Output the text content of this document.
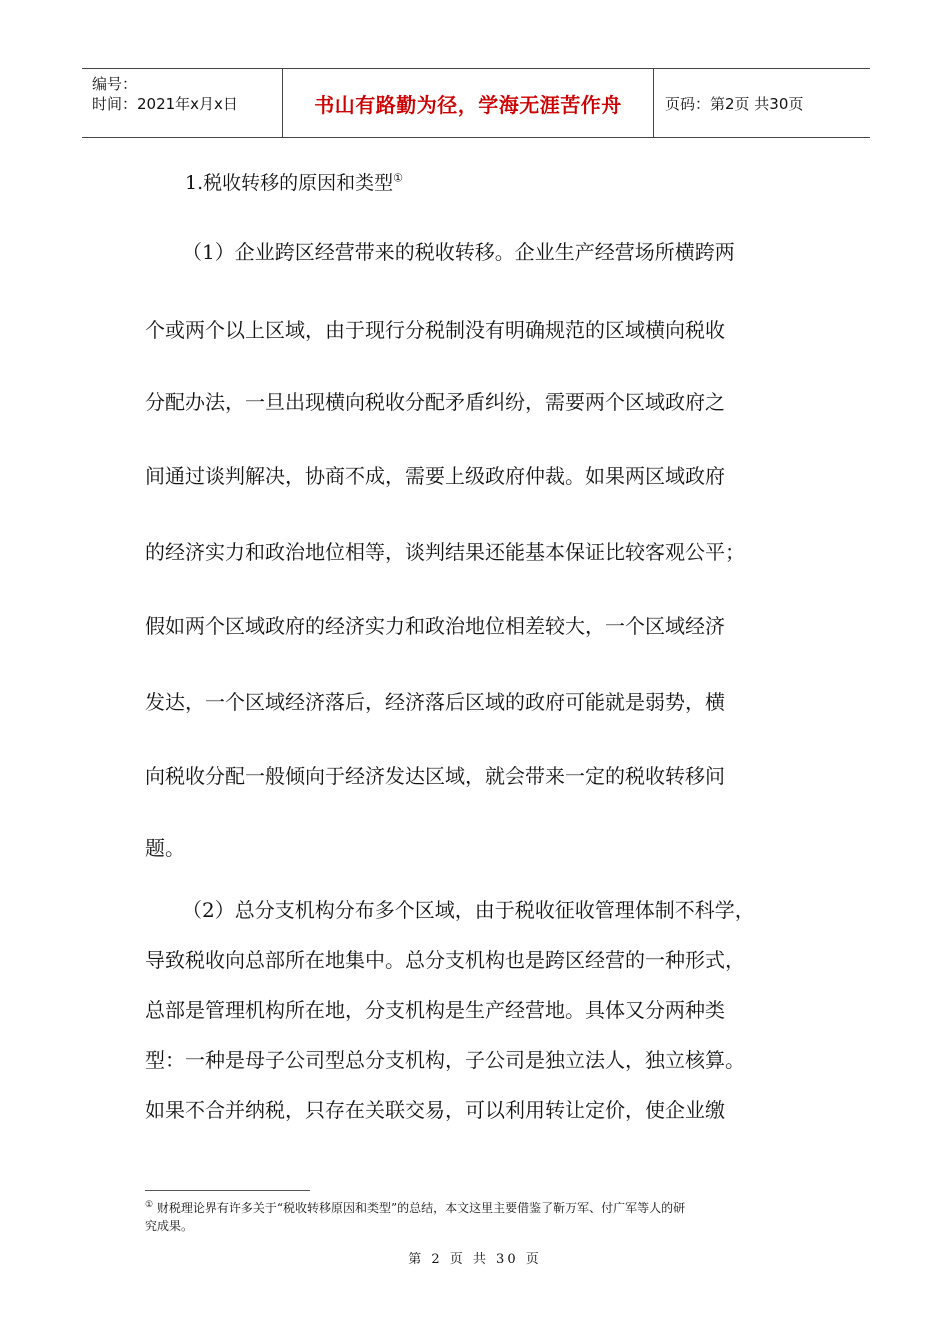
编号：
时间：2021年x月x日	书山有路勤为径，学海无涯苦作舟	页码：第2页 共30页
1.税收转移的原因和类型①
（1）企业跨区经营带来的税收转移。企业生产经营场所横跨两
个或两个以上区域，由于现行分税制没有明确规范的区域横向税收
分配办法，一旦出现横向税收分配矛盾纠纷，需要两个区域政府之
间通过谈判解决，协商不成，需要上级政府仲裁。如果两区域政府
的经济实力和政治地位相等，谈判结果还能基本保证比较客观公平；
假如两个区域政府的经济实力和政治地位相差较大，一个区域经济
发达，一个区域经济落后，经济落后区域的政府可能就是弱势，横
向税收分配一般倾向于经济发达区域，就会带来一定的税收转移问
题。
（2）总分支机构分布多个区域，由于税收征收管理体制不科学，
导致税收向总部所在地集中。总分支机构也是跨区经营的一种形式，
总部是管理机构所在地，分支机构是生产经营地。具体又分两种类
型：一种是母子公司型总分支机构，子公司是独立法人，独立核算。
如果不合并纳税，只存在关联交易，可以利用转让定价，使企业缴
① 财税理论界有许多关于“税收转移原因和类型”的总结，本文这里主要借鉴了靳万军、付广军等人的研
究成果。
第 2 页 共 30 页
